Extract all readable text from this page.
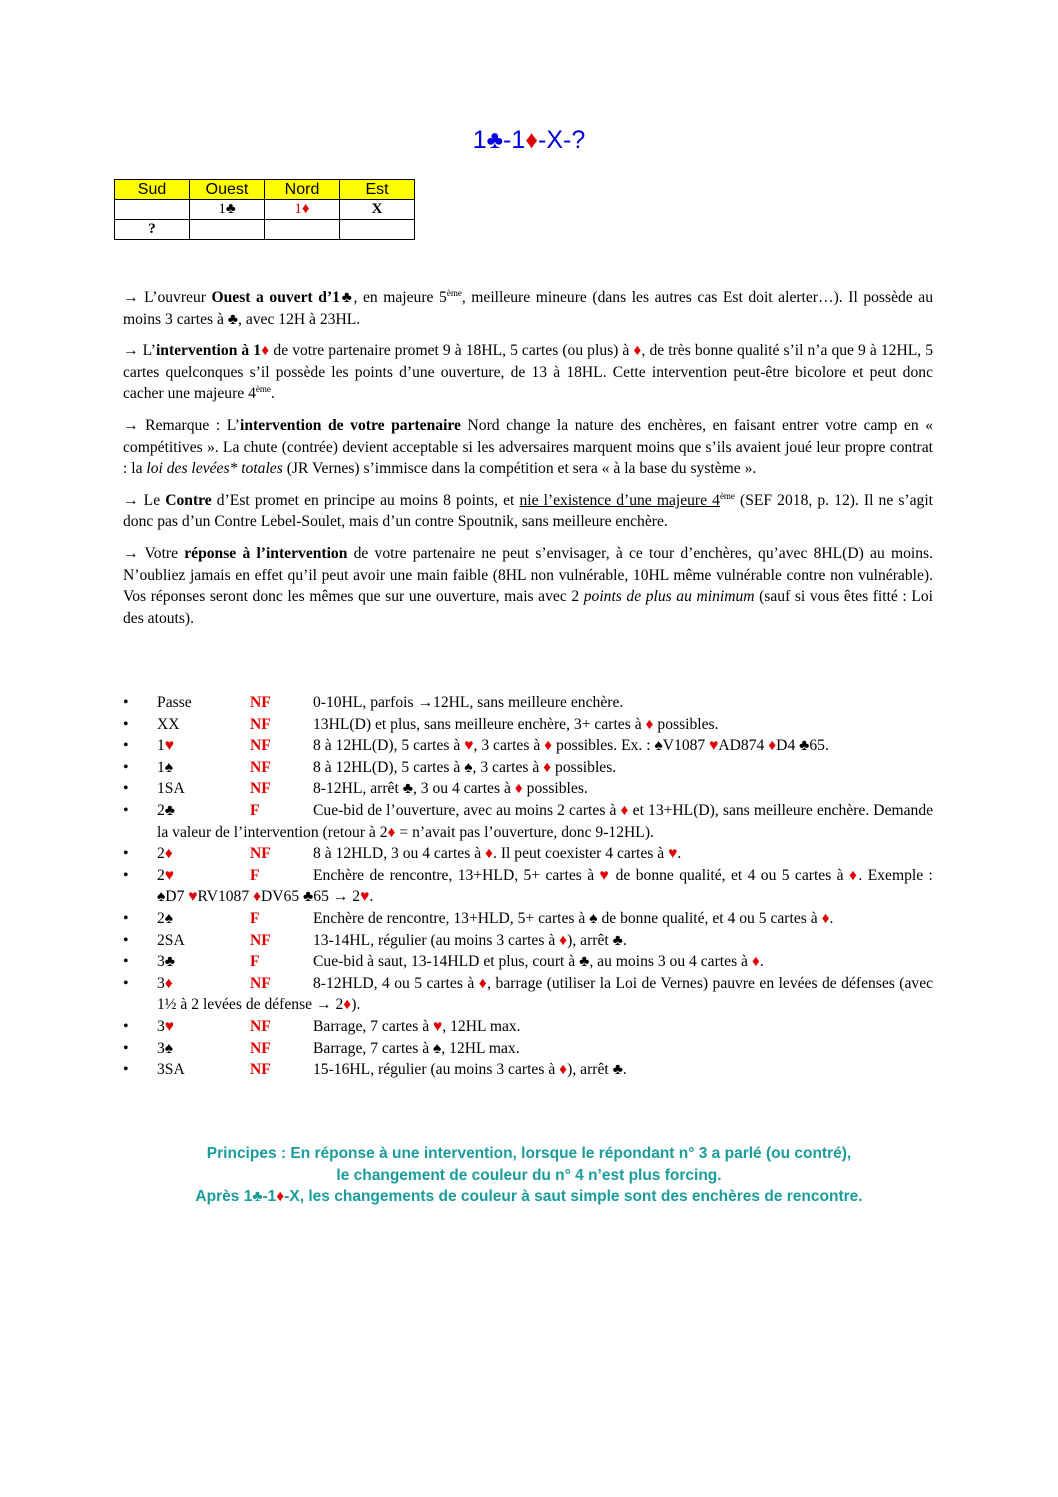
1♣-1♦-X-?
Sud	Ouest	Nord	Est
	1♣	1♦	X
?			

→ L’ouvreur Ouest a ouvert d’1♣, en majeure 5ème, meilleure mineure (dans les autres cas Est doit alerter…). Il possède au moins 3 cartes à ♣, avec 12H à 23HL.

→ L’intervention à 1♦ de votre partenaire promet 9 à 18HL, 5 cartes (ou plus) à ♦, de très bonne qualité s’il n’a que 9 à 12HL, 5 cartes quelconques s’il possède les points d’une ouverture, de 13 à 18HL. Cette intervention peut-être bicolore et peut donc cacher une majeure 4ème.

→ Remarque : L’intervention de votre partenaire Nord change la nature des enchères, en faisant entrer votre camp en « compétitives ». La chute (contrée) devient acceptable si les adversaires marquent moins que s’ils avaient joué leur propre contrat : la loi des levées* totales (JR Vernes) s’immisce dans la compétition et sera « à la base du système ».

→ Le Contre d’Est promet en principe au moins 8 points, et nie l’existence d’une majeure 4ème (SEF 2018, p. 12). Il ne s’agit donc pas d’un Contre Lebel-Soulet, mais d’un contre Spoutnik, sans meilleure enchère.

→ Votre réponse à l’intervention de votre partenaire ne peut s’envisager, à ce tour d’enchères, qu’avec 8HL(D) au moins. N’oubliez jamais en effet qu’il peut avoir une main faible (8HL non vulnérable, 10HL même vulnérable contre non vulnérable). Vos réponses seront donc les mêmes que sur une ouverture, mais avec 2 points de plus au minimum (sauf si vous êtes fitté : Loi des atouts).

•	Passe	NF	0-10HL, parfois →12HL, sans meilleure enchère.
•	XX	NF	13HL(D) et plus, sans meilleure enchère, 3+ cartes à ♦ possibles.
•	1♥	NF	8 à 12HL(D), 5 cartes à ♥, 3 cartes à ♦ possibles. Ex. : ♠V1087 ♥AD874 ♦D4 ♣65.
•	1♠	NF	8 à 12HL(D), 5 cartes à ♠, 3 cartes à ♦ possibles.
•	1SA	NF	8-12HL, arrêt ♣, 3 ou 4 cartes à ♦ possibles.
•	2♣	F	Cue-bid de l’ouverture, avec au moins 2 cartes à ♦ et 13+HL(D), sans meilleure enchère. Demande la valeur de l’intervention (retour à 2♦ = n’avait pas l’ouverture, donc 9-12HL).
•	2♦	NF	8 à 12HLD, 3 ou 4 cartes à ♦. Il peut coexister 4 cartes à ♥.
•	2♥	F	Enchère de rencontre, 13+HLD, 5+ cartes à ♥ de bonne qualité, et 4 ou 5 cartes à ♦. Exemple : ♠D7 ♥RV1087 ♦DV65 ♣65 → 2♥.
•	2♠	F	Enchère de rencontre, 13+HLD, 5+ cartes à ♠ de bonne qualité, et 4 ou 5 cartes à ♦.
•	2SA	NF	13-14HL, régulier (au moins 3 cartes à ♦), arrêt ♣.
•	3♣	F	Cue-bid à saut, 13-14HLD et plus, court à ♣, au moins 3 ou 4 cartes à ♦.
•	3♦	NF	8-12HLD, 4 ou 5 cartes à ♦, barrage (utiliser la Loi de Vernes) pauvre en levées de défenses (avec 1½ à 2 levées de défense → 2♦).
•	3♥	NF	Barrage, 7 cartes à ♥, 12HL max.
•	3♠	NF	Barrage, 7 cartes à ♠, 12HL max.
•	3SA	NF	15-16HL, régulier (au moins 3 cartes à ♦), arrêt ♣.
Principes : En réponse à une intervention, lorsque le répondant n° 3 a parlé (ou contré),
le changement de couleur du n° 4 n’est plus forcing.
Après 1♣-1♦-X, les changements de couleur à saut simple sont des enchères de rencontre.
